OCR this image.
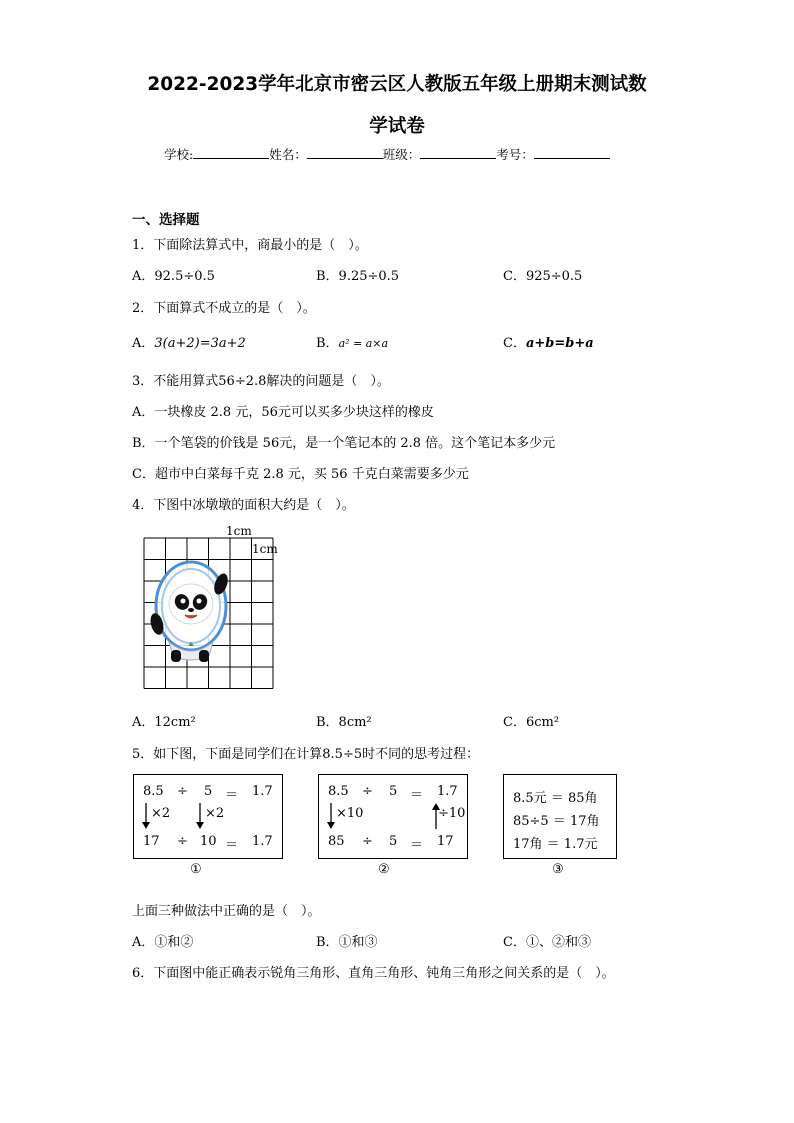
2022-2023学年北京市密云区人教版五年级上册期末测试数
学试卷
学校:	姓名：	班级：	考号：
一、选择题
1．下面除法算式中，商最小的是（　）。
A．92.5÷0.5	B．9.25÷0.5	C．925÷0.5
2．下面算式不成立的是（　）。
A．3(a+2)=3a+2	B．a² = a×a	C．a+b=b+a
3．不能用算式56÷2.8解决的问题是（　）。
A．一块橡皮 2.8 元，56元可以买多少块这样的橡皮
B．一个笔袋的价钱是 56元，是一个笔记本的 2.8 倍。这个笔记本多少元
C．超市中白菜每千克 2.8 元，买 56 千克白菜需要多少元
4．下图中冰墩墩的面积大约是（　）。
1cm
1cm
A．12cm²	B．8cm²	C．6cm²
5．如下图，下面是同学们在计算8.5÷5时不同的思考过程：
8.5 ÷ 5 ＝ 1.7
×2	×2
17 ÷ 10 ＝ 1.7
①
8.5 ÷ 5 ＝ 1.7
×10	÷10
85 ÷ 5 ＝ 17
②
8.5元 ＝ 85角
85÷5 ＝ 17角
17角 ＝ 1.7元
③
上面三种做法中正确的是（　）。
A．①和②	B．①和③	C．①、②和③
6．下面图中能正确表示锐角三角形、直角三角形、钝角三角形之间关系的是（　）。
